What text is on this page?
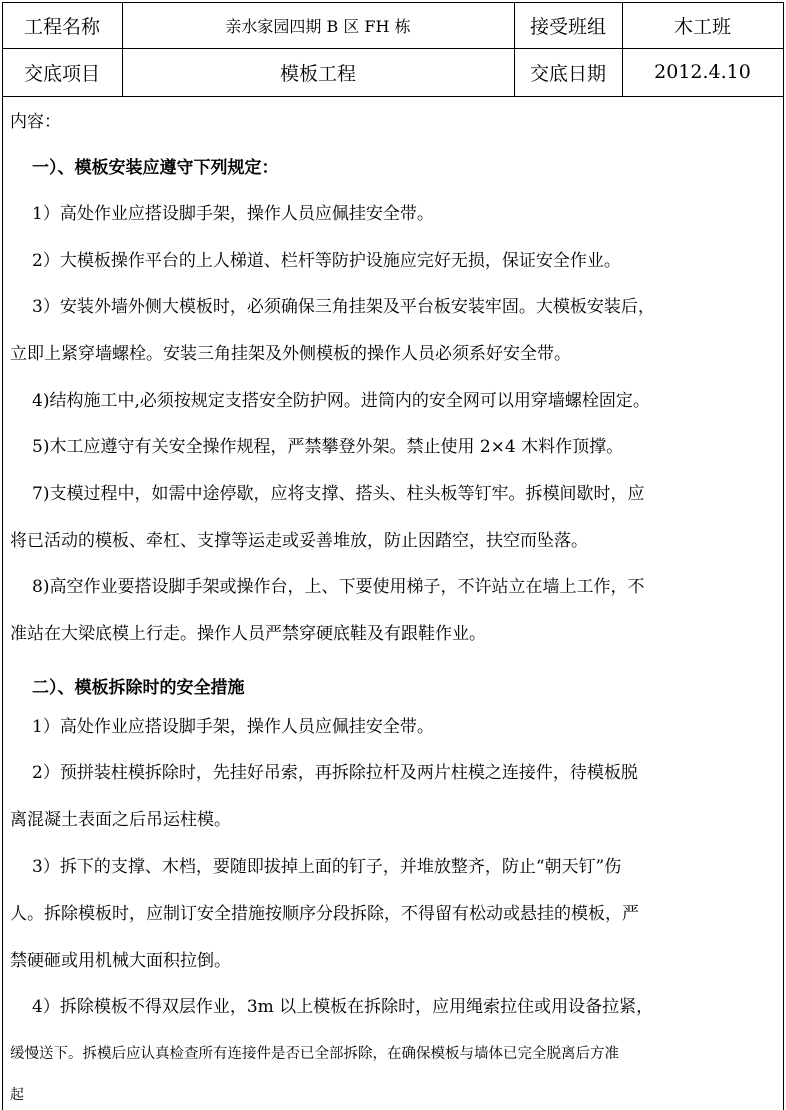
工程名称	亲水家园四期 B 区 FH 栋	接受班组	木工班
交底项目	模板工程	交底日期	2012.4.10
内容：
一）、模板安装应遵守下列规定：
1）高处作业应搭设脚手架，操作人员应佩挂安全带。
2）大模板操作平台的上人梯道、栏杆等防护设施应完好无损，保证安全作业。
3）安装外墙外侧大模板时，必须确保三角挂架及平台板安装牢固。大模板安装后，
立即上紧穿墙螺栓。安装三角挂架及外侧模板的操作人员必须系好安全带。
4)结构施工中,必须按规定支搭安全防护网。进筒内的安全网可以用穿墙螺栓固定。
5)木工应遵守有关安全操作规程，严禁攀登外架。禁止使用 2×4 木料作顶撑。
7)支模过程中，如需中途停歇，应将支撑、搭头、柱头板等钉牢。拆模间歇时，应
将已活动的模板、牵杠、支撑等运走或妥善堆放，防止因踏空，扶空而坠落。
8)高空作业要搭设脚手架或操作台，上、下要使用梯子，不许站立在墙上工作，不
准站在大梁底模上行走。操作人员严禁穿硬底鞋及有跟鞋作业。
二）、模板拆除时的安全措施
1）高处作业应搭设脚手架，操作人员应佩挂安全带。
2）预拼装柱模拆除时，先挂好吊索，再拆除拉杆及两片柱模之连接件，待模板脱
离混凝土表面之后吊运柱模。
3）拆下的支撑、木档，要随即拔掉上面的钉子，并堆放整齐，防止“朝天钉”伤
人。拆除模板时，应制订安全措施按顺序分段拆除，不得留有松动或悬挂的模板，严
禁硬砸或用机械大面积拉倒。
4）拆除模板不得双层作业，3m 以上模板在拆除时，应用绳索拉住或用设备拉紧，
缓慢送下。拆模后应认真检查所有连接件是否已全部拆除，在确保模板与墙体已完全脱离后方准
起
